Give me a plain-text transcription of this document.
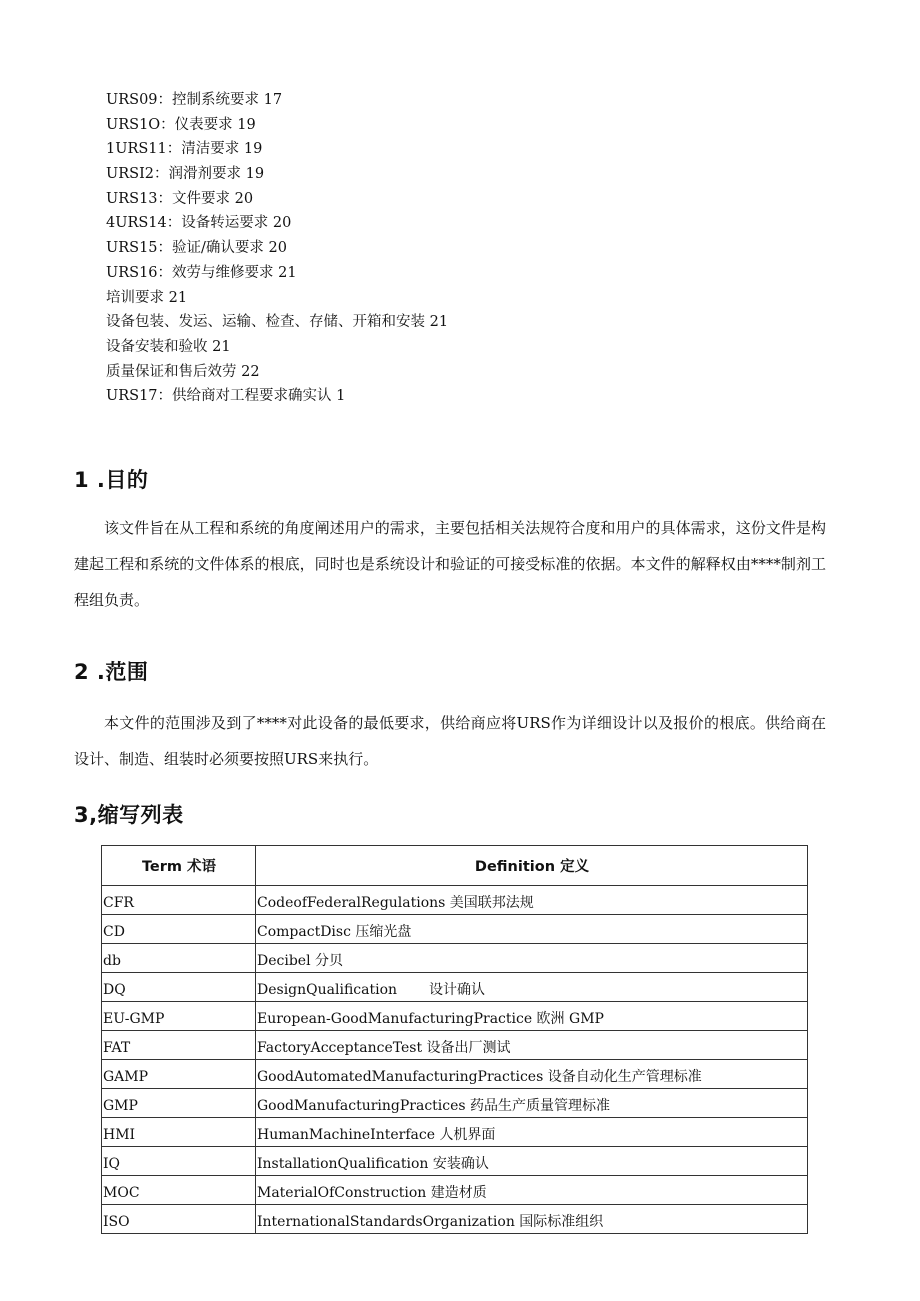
URS09：控制系统要求 17
URS1O：仪表要求 19
1URS11：清洁要求 19
URSI2：润滑剂要求 19
URS13：文件要求 20
4URS14：设备转运要求 20
URS15：验证/确认要求 20
URS16：效劳与维修要求 21
培训要求 21
设备包装、发运、运输、检查、存储、开箱和安装 21
设备安装和验收 21
质量保证和售后效劳 22
URS17：供给商对工程要求确实认 1
1 .目的

该文件旨在从工程和系统的角度阐述用户的需求，主要包括相关法规符合度和用户的具体需求，这份文件是构建起工程和系统的文件体系的根底，同时也是系统设计和验证的可接受标准的依据。本文件的解释权由****制剂工程组负责。

2 .范围

本文件的范围涉及到了****对此设备的最低要求，供给商应将URS作为详细设计以及报价的根底。供给商在设计、制造、组装时必须要按照URS来执行。

3,缩写列表
Term 术语	Definition 定义
CFR	CodeofFederalRegulations 美国联邦法规
CD	CompactDisc 压缩光盘
db	Decibel 分贝
DQ	DesignQualification 设计确认
EU-GMP	European-GoodManufacturingPractice 欧洲 GMP
FAT	FactoryAcceptanceTest 设备出厂测试
GAMP	GoodAutomatedManufacturingPractices 设备自动化生产管理标准
GMP	GoodManufacturingPractices 药品生产质量管理标准
HMI	HumanMachineInterface 人机界面
IQ	InstallationQualification 安装确认
MOC	MaterialOfConstruction 建造材质
ISO	InternationalStandardsOrganization 国际标准组织
